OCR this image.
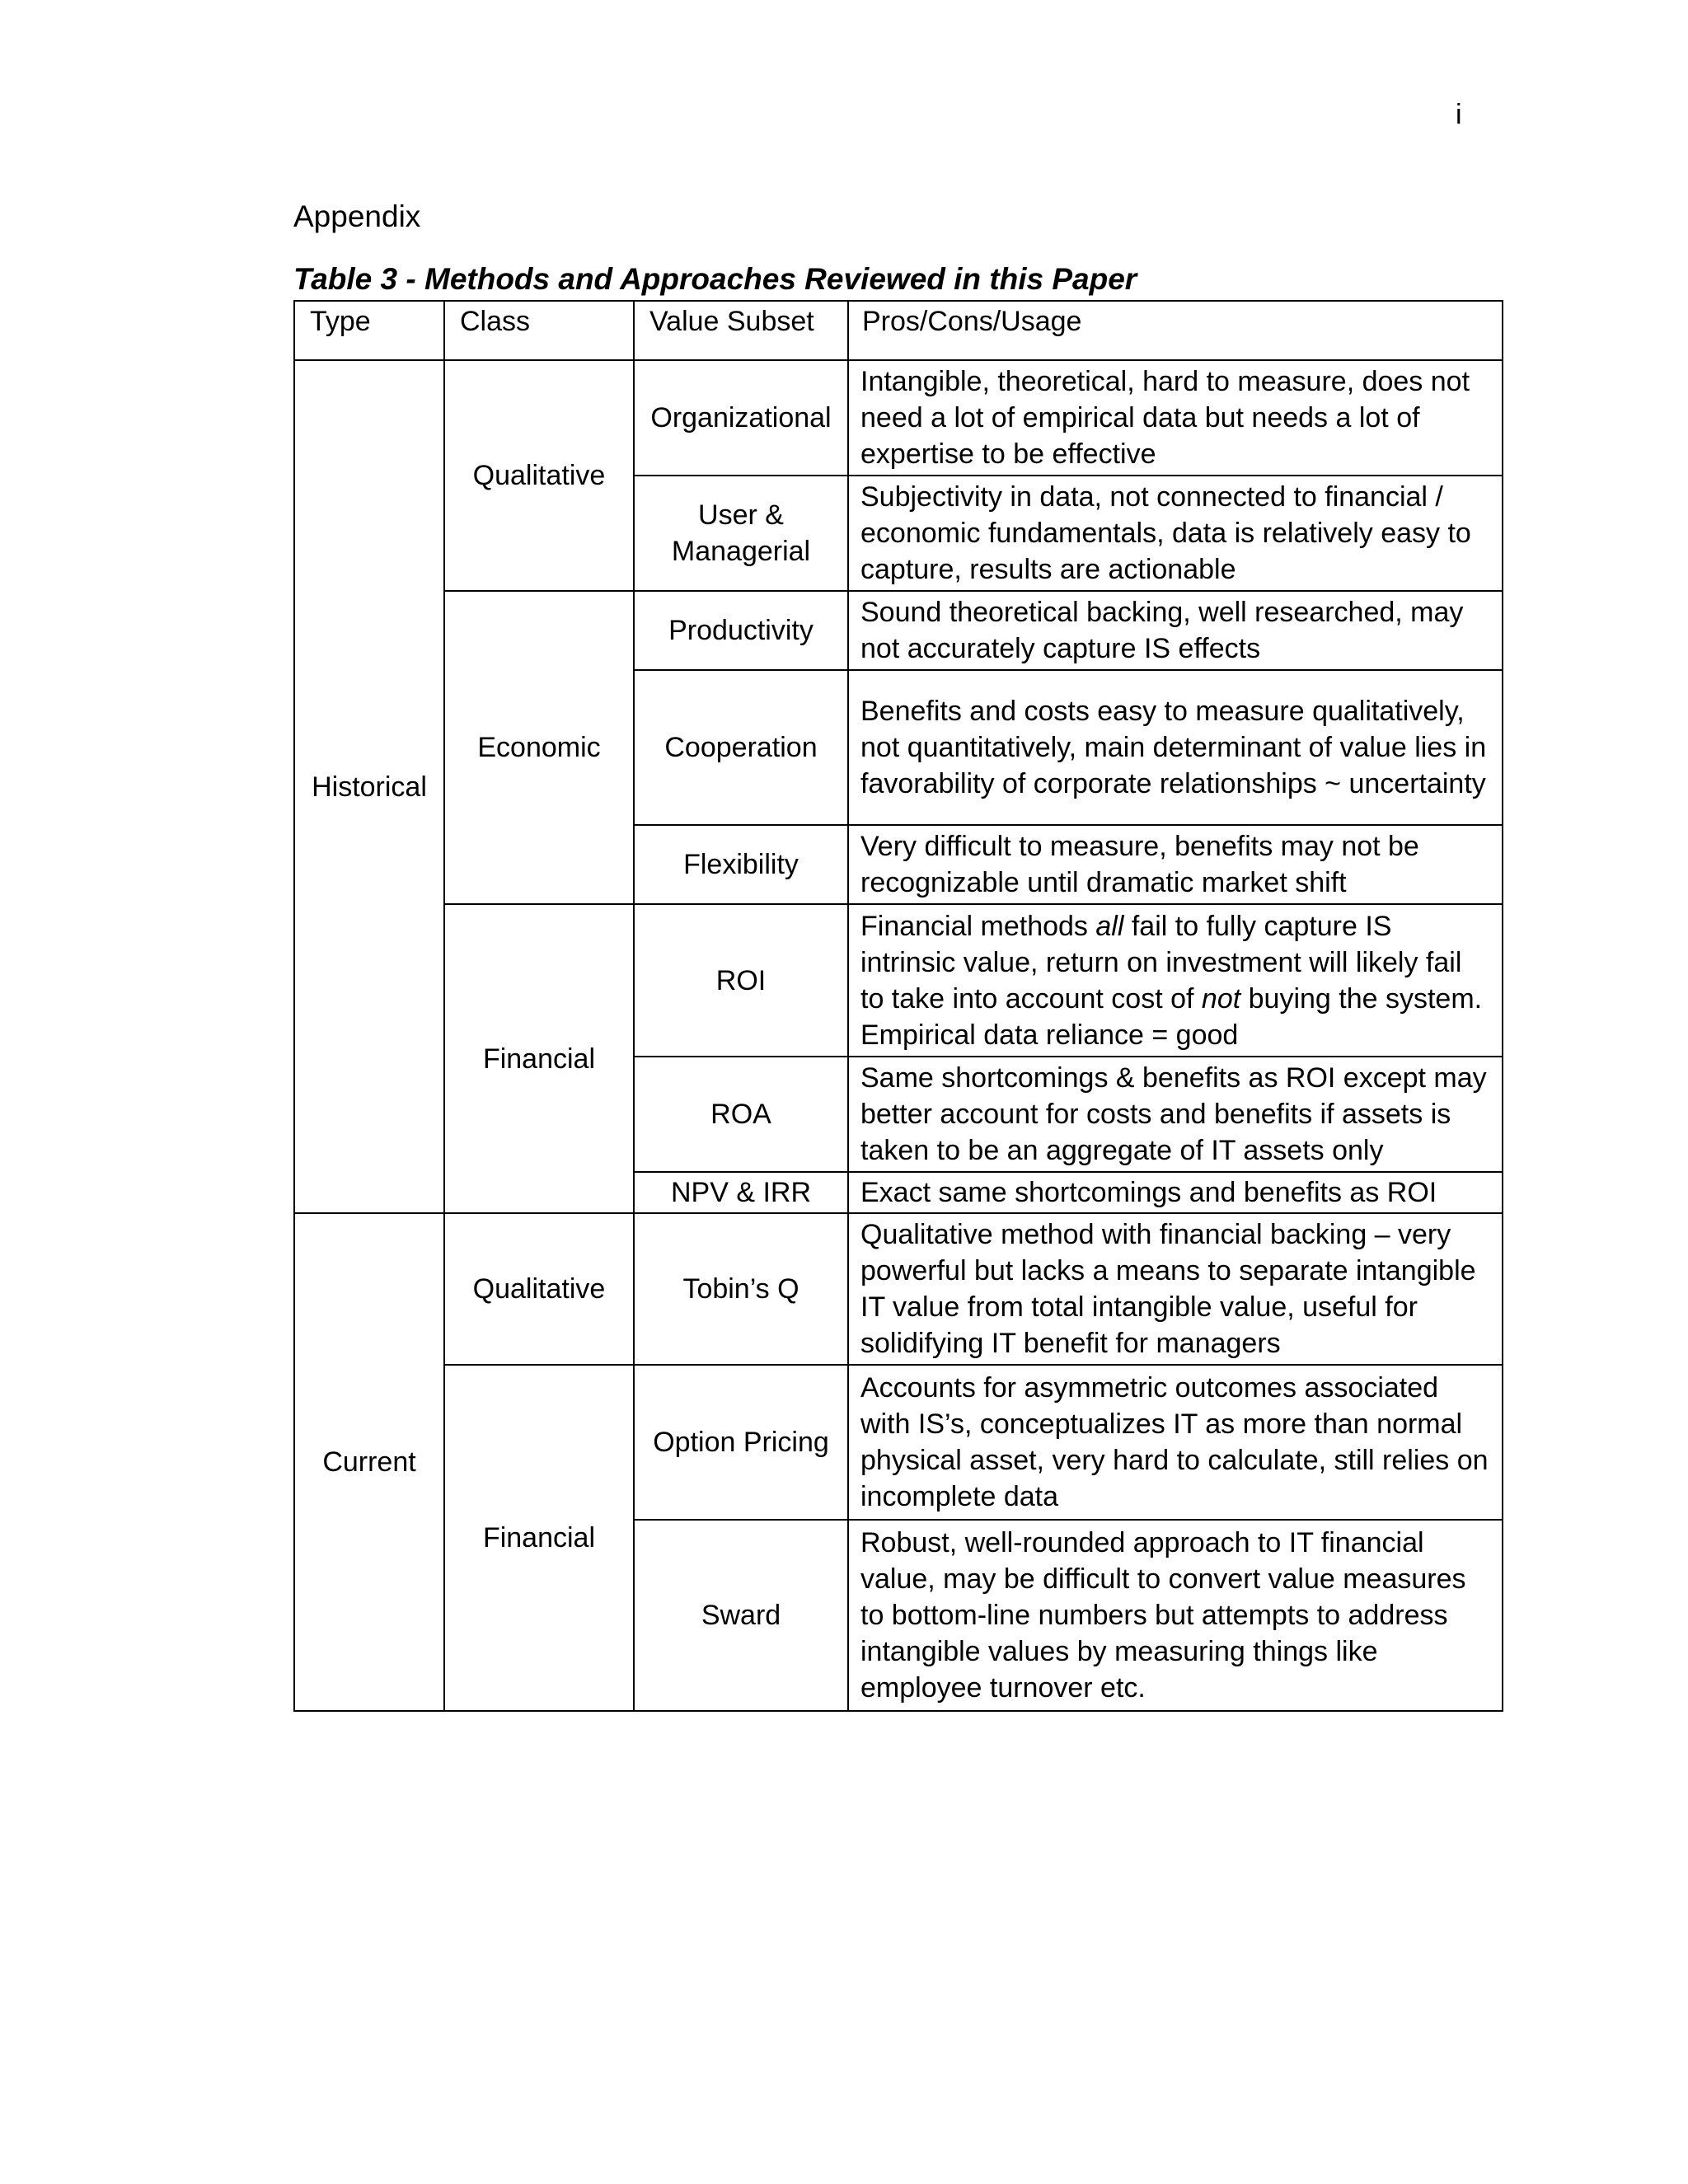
i
Appendix
Table 3 - Methods and Approaches Reviewed in this Paper
Type	Class	Value Subset	Pros/Cons/Usage
Historical	Qualitative	Organizational	Intangible, theoretical, hard to measure, does not need a lot of empirical data but needs a lot of expertise to be effective
		User & Managerial	Subjectivity in data, not connected to financial / economic fundamentals, data is relatively easy to capture, results are actionable
	Economic	Productivity	Sound theoretical backing, well researched, may not accurately capture IS effects
		Cooperation	Benefits and costs easy to measure qualitatively, not quantitatively, main determinant of value lies in favorability of corporate relationships ~ uncertainty
		Flexibility	Very difficult to measure, benefits may not be recognizable until dramatic market shift
	Financial	ROI	Financial methods all fail to fully capture IS intrinsic value, return on investment will likely fail to take into account cost of not buying the system. Empirical data reliance = good
		ROA	Same shortcomings & benefits as ROI except may better account for costs and benefits if assets is taken to be an aggregate of IT assets only
		NPV & IRR	Exact same shortcomings and benefits as ROI
Current	Qualitative	Tobin’s Q	Qualitative method with financial backing – very powerful but lacks a means to separate intangible IT value from total intangible value, useful for solidifying IT benefit for managers
	Financial	Option Pricing	Accounts for asymmetric outcomes associated with IS’s, conceptualizes IT as more than normal physical asset, very hard to calculate, still relies on incomplete data
		Sward	Robust, well-rounded approach to IT financial value, may be difficult to convert value measures to bottom-line numbers but attempts to address intangible values by measuring things like employee turnover etc.
